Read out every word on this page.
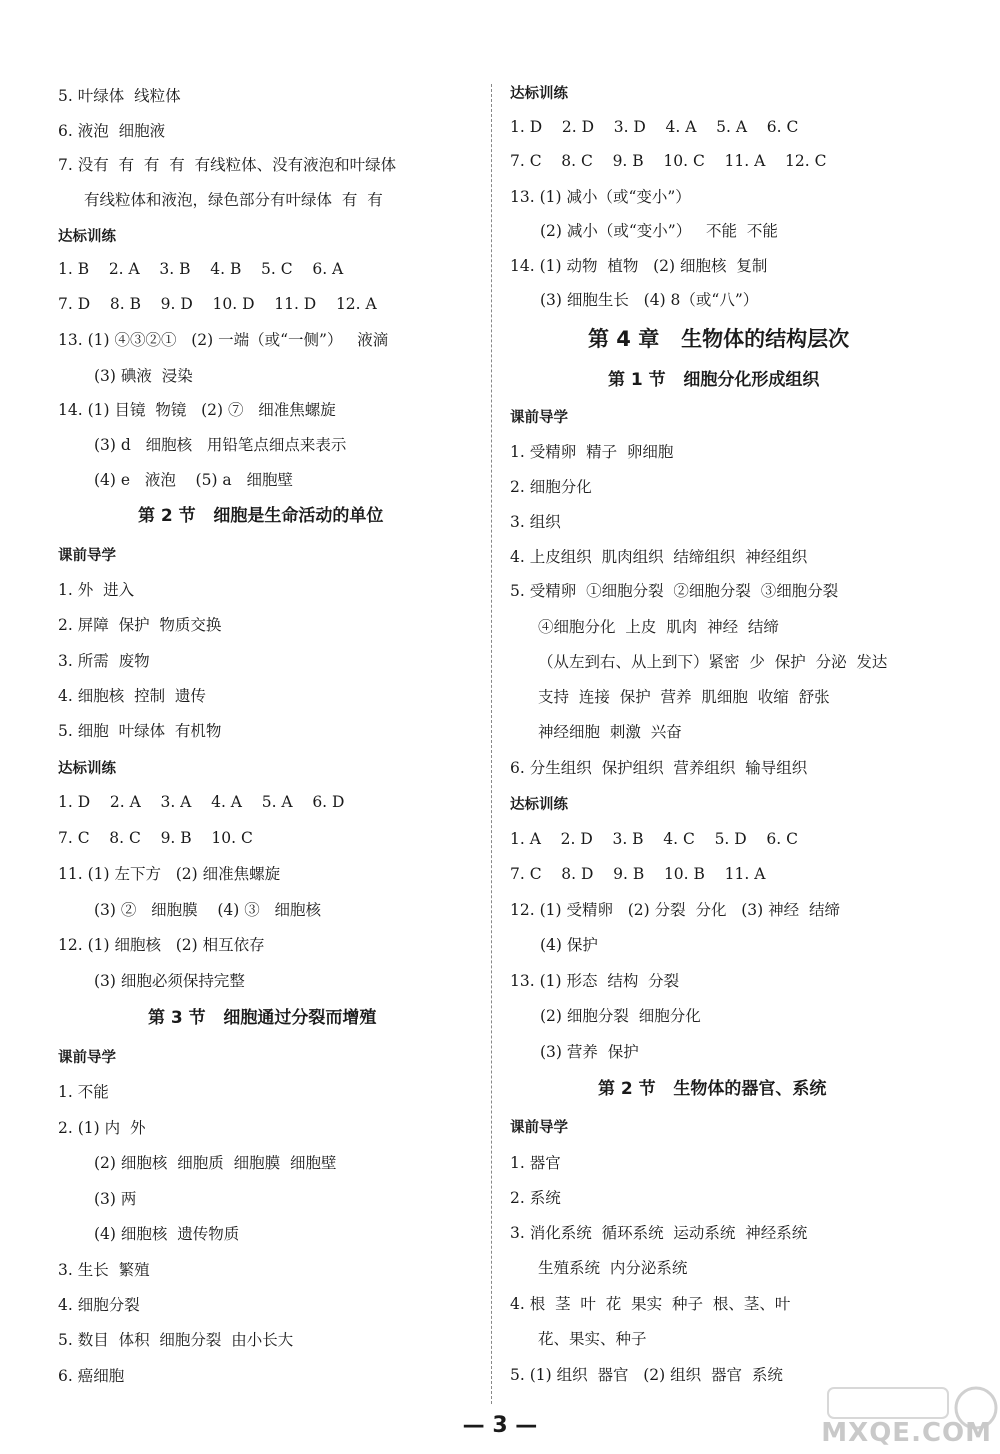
5. 叶绿体  线粒体
6. 液泡  细胞液
7. 没有  有  有  有  有线粒体、没有液泡和叶绿体
有线粒体和液泡，绿色部分有叶绿体  有  有
达标训练
1. B    2. A    3. B    4. B    5. C    6. A
7. D    8. B    9. D    10. D    11. D    12. A
13. (1) ④③②①   (2) 一端（或“一侧”）   液滴
(3) 碘液  浸染
14. (1) 目镜  物镜   (2) ⑦   细准焦螺旋
(3) d   细胞核   用铅笔点细点来表示
(4) e   液泡    (5) a   细胞壁
第 2 节   细胞是生命活动的单位
课前导学
1. 外  进入
2. 屏障  保护  物质交换
3. 所需  废物
4. 细胞核  控制  遗传
5. 细胞  叶绿体  有机物
达标训练
1. D    2. A    3. A    4. A    5. A    6. D
7. C    8. C    9. B    10. C
11. (1) 左下方   (2) 细准焦螺旋
(3) ②   细胞膜    (4) ③   细胞核
12. (1) 细胞核   (2) 相互依存
(3) 细胞必须保持完整
第 3 节   细胞通过分裂而增殖
课前导学
1. 不能
2. (1) 内  外
(2) 细胞核  细胞质  细胞膜  细胞壁
(3) 两
(4) 细胞核  遗传物质
3. 生长  繁殖
4. 细胞分裂
5. 数目  体积  细胞分裂  由小长大
6. 癌细胞
达标训练
1. D    2. D    3. D    4. A    5. A    6. C
7. C    8. C    9. B    10. C    11. A    12. C
13. (1) 减小（或“变小”）
(2) 减小（或“变小”）   不能  不能
14. (1) 动物  植物   (2) 细胞核  复制
(3) 细胞生长   (4) 8（或“八”）
第 4 章   生物体的结构层次
第 1 节   细胞分化形成组织
课前导学
1. 受精卵  精子  卵细胞
2. 细胞分化
3. 组织
4. 上皮组织  肌肉组织  结缔组织  神经组织
5. 受精卵  ①细胞分裂  ②细胞分裂  ③细胞分裂
④细胞分化  上皮  肌肉  神经  结缔
（从左到右、从上到下）紧密  少  保护  分泌  发达
支持  连接  保护  营养  肌细胞  收缩  舒张
神经细胞  刺激  兴奋
6. 分生组织  保护组织  营养组织  输导组织
达标训练
1. A    2. D    3. B    4. C    5. D    6. C
7. C    8. D    9. B    10. B    11. A
12. (1) 受精卵   (2) 分裂  分化   (3) 神经  结缔
(4) 保护
13. (1) 形态  结构  分裂
(2) 细胞分裂  细胞分化
(3) 营养  保护
第 2 节   生物体的器官、系统
课前导学
1. 器官
2. 系统
3. 消化系统  循环系统  运动系统  神经系统
生殖系统  内分泌系统
4. 根  茎  叶  花  果实  种子  根、茎、叶
花、果实、种子
5. (1) 组织  器官   (2) 组织  器官  系统
— 3 —	MXQE.COM
